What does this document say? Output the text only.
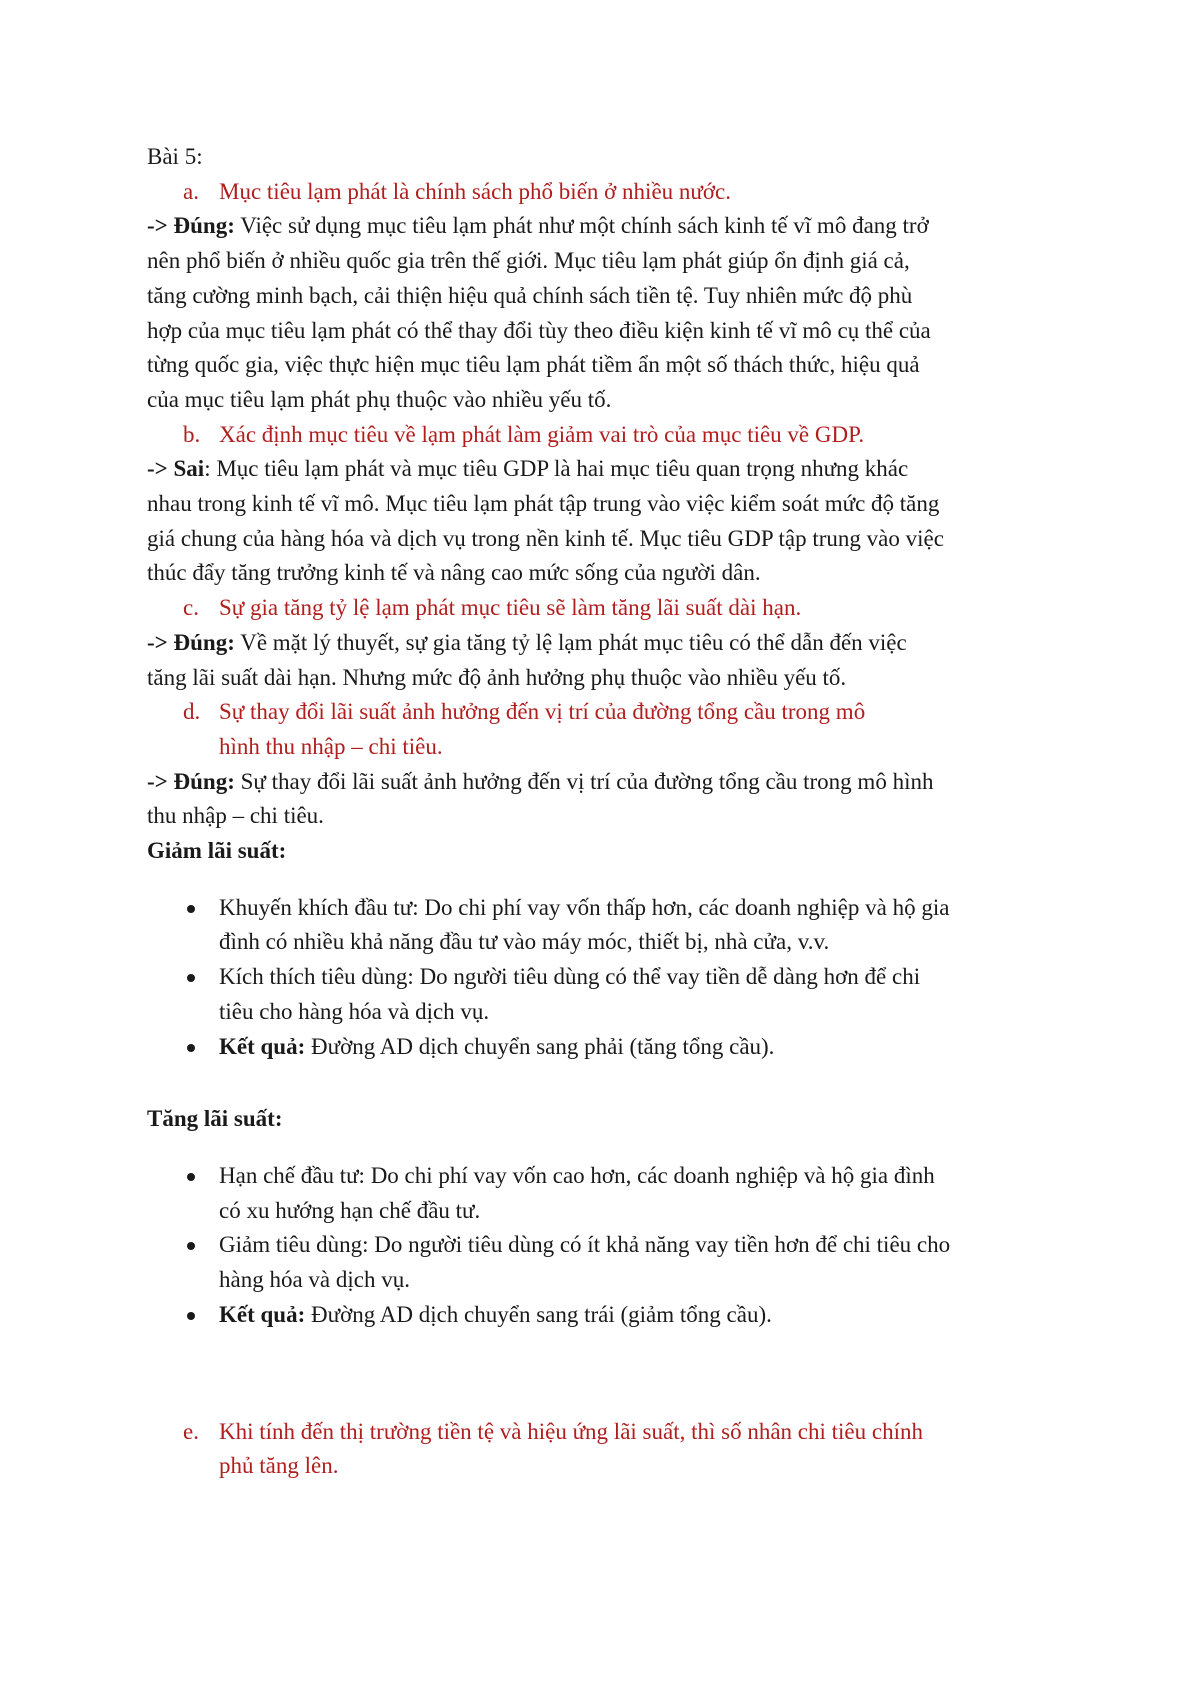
Bài 5:

a. Mục tiêu lạm phát là chính sách phổ biến ở nhiều nước.
-> Đúng: Việc sử dụng mục tiêu lạm phát như một chính sách kinh tế vĩ mô đang trở
nên phổ biến ở nhiều quốc gia trên thế giới. Mục tiêu lạm phát giúp ổn định giá cả,
tăng cường minh bạch, cải thiện hiệu quả chính sách tiền tệ. Tuy nhiên mức độ phù
hợp của mục tiêu lạm phát có thể thay đổi tùy theo điều kiện kinh tế vĩ mô cụ thể của
từng quốc gia, việc thực hiện mục tiêu lạm phát tiềm ẩn một số thách thức, hiệu quả
của mục tiêu lạm phát phụ thuộc vào nhiều yếu tố.
b. Xác định mục tiêu về lạm phát làm giảm vai trò của mục tiêu về GDP.
-> Sai: Mục tiêu lạm phát và mục tiêu GDP là hai mục tiêu quan trọng nhưng khác
nhau trong kinh tế vĩ mô. Mục tiêu lạm phát tập trung vào việc kiểm soát mức độ tăng
giá chung của hàng hóa và dịch vụ trong nền kinh tế. Mục tiêu GDP tập trung vào việc
thúc đẩy tăng trưởng kinh tế và nâng cao mức sống của người dân.
c. Sự gia tăng tỷ lệ lạm phát mục tiêu sẽ làm tăng lãi suất dài hạn.
-> Đúng: Về mặt lý thuyết, sự gia tăng tỷ lệ lạm phát mục tiêu có thể dẫn đến việc
tăng lãi suất dài hạn. Nhưng mức độ ảnh hưởng phụ thuộc vào nhiều yếu tố.
d. Sự thay đổi lãi suất ảnh hưởng đến vị trí của đường tổng cầu trong mô
hình thu nhập – chi tiêu.
-> Đúng: Sự thay đổi lãi suất ảnh hưởng đến vị trí của đường tổng cầu trong mô hình
thu nhập – chi tiêu.

Giảm lãi suất:

Khuyến khích đầu tư: Do chi phí vay vốn thấp hơn, các doanh nghiệp và hộ gia
đình có nhiều khả năng đầu tư vào máy móc, thiết bị, nhà cửa, v.v.
Kích thích tiêu dùng: Do người tiêu dùng có thể vay tiền dễ dàng hơn để chi
tiêu cho hàng hóa và dịch vụ.
Kết quả: Đường AD dịch chuyển sang phải (tăng tổng cầu).

Tăng lãi suất:

Hạn chế đầu tư: Do chi phí vay vốn cao hơn, các doanh nghiệp và hộ gia đình
có xu hướng hạn chế đầu tư.
Giảm tiêu dùng: Do người tiêu dùng có ít khả năng vay tiền hơn để chi tiêu cho
hàng hóa và dịch vụ.
Kết quả: Đường AD dịch chuyển sang trái (giảm tổng cầu).
e. Khi tính đến thị trường tiền tệ và hiệu ứng lãi suất, thì số nhân chi tiêu chính
phủ tăng lên.
